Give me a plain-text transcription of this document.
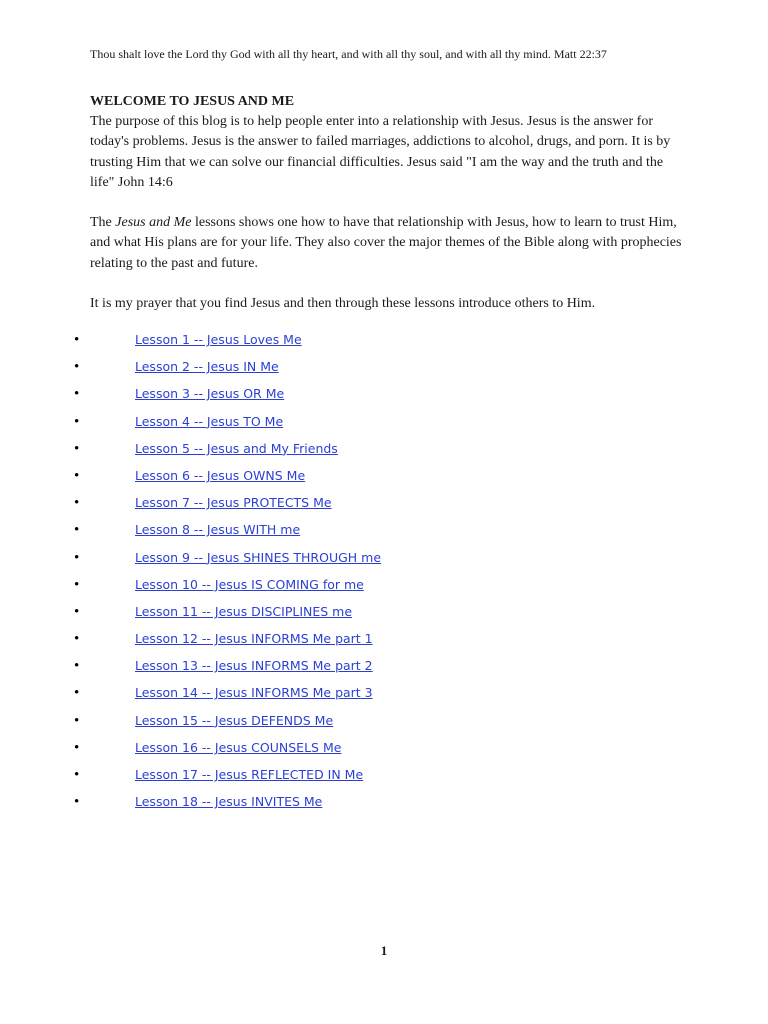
Thou shalt love the Lord thy God with all thy heart, and with all thy soul, and with all thy mind. Matt 22:37
WELCOME TO JESUS AND ME

The purpose of this blog is to help people enter into a relationship with Jesus. Jesus is the answer for today's problems. Jesus is the answer to failed marriages, addictions to alcohol, drugs, and porn. It is by trusting Him that we can solve our financial difficulties. Jesus said "I am the way and the truth and the life" John 14:6

The Jesus and Me lessons shows one how to have that relationship with Jesus, how to learn to trust Him, and what His plans are for your life. They also cover the major themes of the Bible along with prophecies relating to the past and future.

It is my prayer that you find Jesus and then through these lessons introduce others to Him.

•	Lesson 1 -- Jesus Loves Me
•	Lesson 2 -- Jesus IN Me
•	Lesson 3 -- Jesus OR Me
•	Lesson 4 -- Jesus TO Me
•	Lesson 5 -- Jesus and My Friends
•	Lesson 6 -- Jesus OWNS Me
•	Lesson 7 -- Jesus PROTECTS Me
•	Lesson 8 -- Jesus WITH me
•	Lesson 9 -- Jesus SHINES THROUGH me
•	Lesson 10 -- Jesus IS COMING for me
•	Lesson 11 -- Jesus DISCIPLINES me
•	Lesson 12 -- Jesus INFORMS Me part 1
•	Lesson 13 -- Jesus INFORMS Me part 2
•	Lesson 14 -- Jesus INFORMS Me part 3
•	Lesson 15 -- Jesus DEFENDS Me
•	Lesson 16 -- Jesus COUNSELS Me
•	Lesson 17 -- Jesus REFLECTED IN Me
•	Lesson 18 -- Jesus INVITES Me
1
